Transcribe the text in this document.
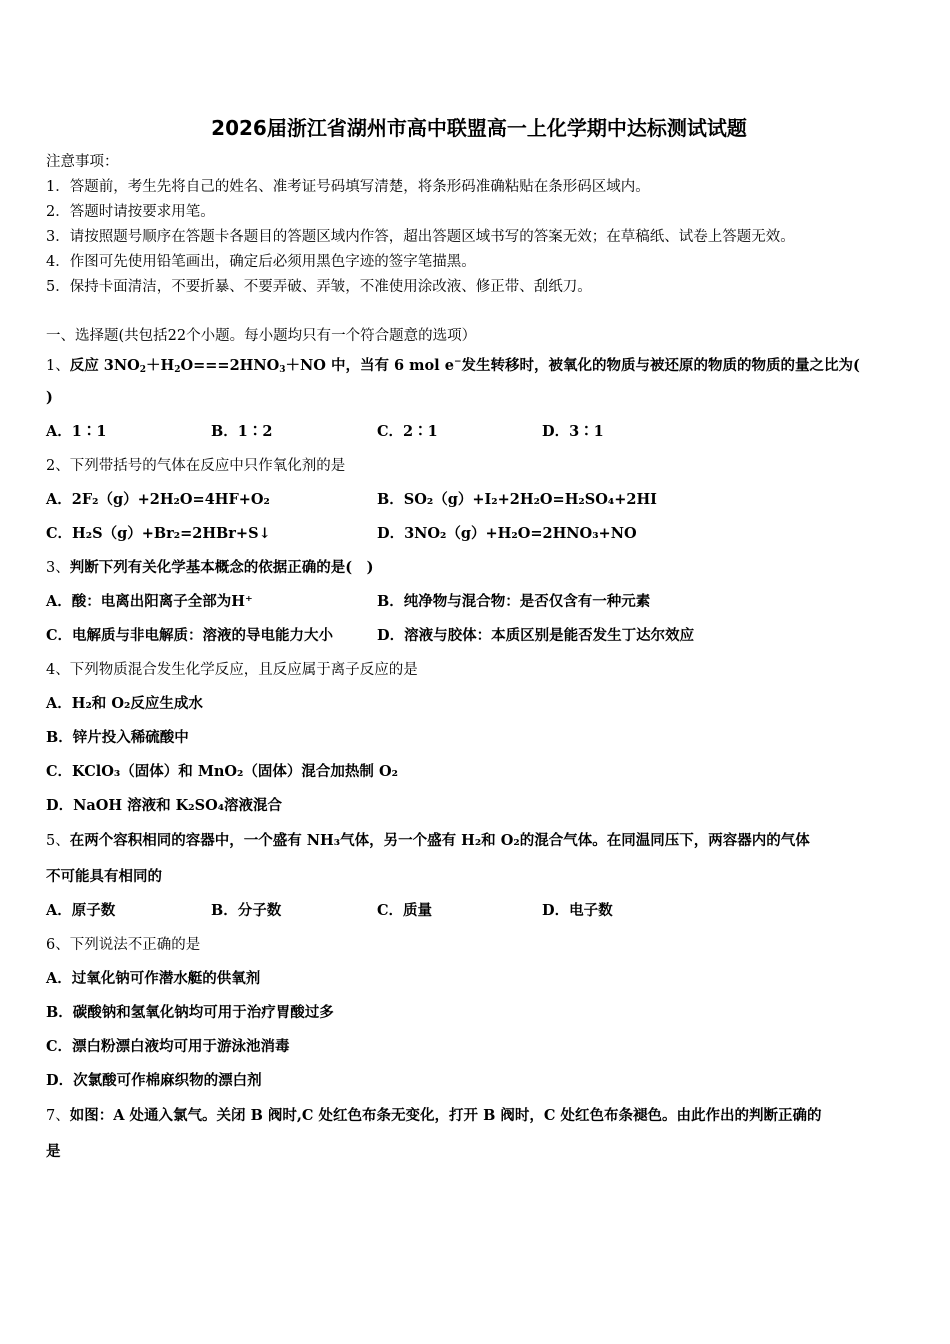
2026届浙江省湖州市高中联盟高一上化学期中达标测试试题
注意事项：
1．答题前，考生先将自己的姓名、准考证号码填写清楚，将条形码准确粘贴在条形码区域内。
2．答题时请按要求用笔。
3．请按照题号顺序在答题卡各题目的答题区域内作答，超出答题区域书写的答案无效；在草稿纸、试卷上答题无效。
4．作图可先使用铅笔画出，确定后必须用黑色字迹的签字笔描黑。
5．保持卡面清洁，不要折暴、不要弄破、弄皱，不准使用涂改液、修正带、刮纸刀。
一、选择题(共包括22个小题。每小题均只有一个符合题意的选项）
1、反应 $3NO_2+H_2O===2HNO_3+NO$ 中，当有 6 mol e−发生转移时，被氧化的物质与被还原的物质的物质的量之比为(
)
A．1∶1	B．1∶2	C．2∶1	D．3∶1
2、下列带括号的气体在反应中只作氧化剂的是
A．2F₂（g）+2H₂O=4HF+O₂	B．SO₂（g）+I₂+2H₂O=H₂SO₄+2HI
C．H₂S（g）+Br₂=2HBr+S↓	D．3NO₂（g）+H₂O=2HNO₃+NO
3、判断下列有关化学基本概念的依据正确的是(　)
A．酸：电离出阳离子全部为H⁺	B．纯净物与混合物：是否仅含有一种元素
C．电解质与非电解质：溶液的导电能力大小	D．溶液与胶体：本质区别是能否发生丁达尔效应
4、下列物质混合发生化学反应，且反应属于离子反应的是
A．H₂和 O₂反应生成水
B．锌片投入稀硫酸中
C．KClO₃（固体）和 MnO₂（固体）混合加热制 O₂
D．NaOH 溶液和 K₂SO₄溶液混合
5、在两个容积相同的容器中，一个盛有 NH₃气体，另一个盛有 H₂和 O₂的混合气体。在同温同压下，两容器内的气体
不可能具有相同的
A．原子数	B．分子数	C．质量	D．电子数
6、下列说法不正确的是
A．过氧化钠可作潜水艇的供氧剂
B．碳酸钠和氢氧化钠均可用于治疗胃酸过多
C．漂白粉漂白液均可用于游泳池消毒
D．次氯酸可作棉麻织物的漂白剂
7、如图：A 处通入氯气。关闭 B 阀时,C 处红色布条无变化，打开 B 阀时，C 处红色布条褪色。由此作出的判断正确的
是
